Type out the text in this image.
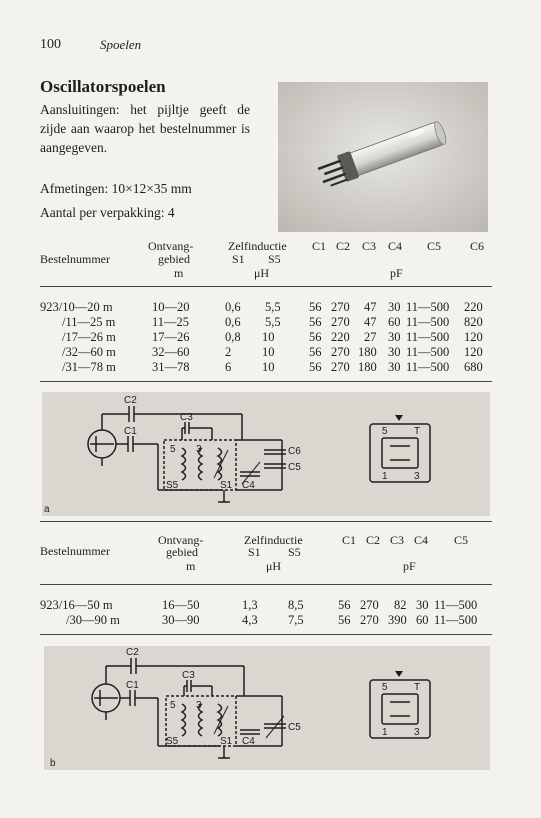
100	Spoelen
Oscillatorspoelen

Aansluitingen: het pijltje geeft de zijde aan waarop het bestelnummer is aangegeven.

Afmetingen: 10×12×35 mm
Aantal per verpakking: 4
Bestelnummer
Ontvang-
gebied
m
Zelfinductie
S1 S5
μH
C1 C2 C3 C4 C5 C6
pF
923/10—20 m	10—20	0,6 5,5 56 270 47 30 11—500 220
/11—25 m	11—25	0,6 5,5 56 270 47 60 11—500 820
/17—26 m	17—26	0,8 10	56 220 27 30 11—500 120
/32—60 m	32—60	2 10	56 270 180 30 11—500 120
/31—78 m	31—78	6 10	56 270 180 30 11—500 680
C2
C1
C3
C6
C5
C4
S5	S1
5 3
5	T
1	3
a
Bestelnummer
Ontvang-
gebied
m
Zelfinductie
S1 S5
μH
C1 C2 C3 C4 C5
pF
923/16—50 m	16—50	1,3 8,5	56 270 82 30 11—500
/30—90 m	30—90	4,3 7,5	56 270 390 60 11—500
C2
C1
C3
C5
C4
S5	S1
5 3
5	T
1	3
b
